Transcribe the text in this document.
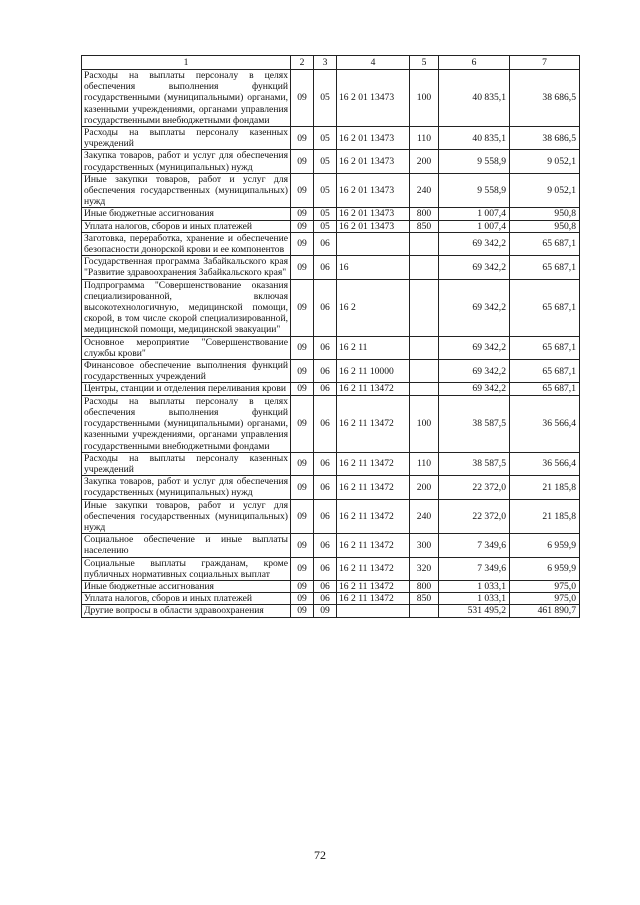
1	2	3	4	5	6	7
Расходы на выплаты персоналу в целях обеспечения выполнения функций государственными (муниципальными) органами, казенными учреждениями, органами управления государственными внебюджетными фондами	09	05	16 2 01 13473	100	40 835,1	38 686,5
Расходы на выплаты персоналу казенных учреждений	09	05	16 2 01 13473	110	40 835,1	38 686,5
Закупка товаров, работ и услуг для обеспечения государственных (муниципальных) нужд	09	05	16 2 01 13473	200	9 558,9	9 052,1
Иные закупки товаров, работ и услуг для обеспечения государственных (муниципальных) нужд	09	05	16 2 01 13473	240	9 558,9	9 052,1
Иные бюджетные ассигнования	09	05	16 2 01 13473	800	1 007,4	950,8
Уплата налогов, сборов и иных платежей	09	05	16 2 01 13473	850	1 007,4	950,8
Заготовка, переработка, хранение и обеспечение безопасности донорской крови и ее компонентов	09	06			69 342,2	65 687,1
Государственная программа Забайкальского края "Развитие здравоохранения Забайкальского края"	09	06	16		69 342,2	65 687,1
Подпрограмма "Совершенствование оказания специализированной, включая высокотехнологичную, медицинской помощи, скорой, в том числе скорой специализированной, медицинской помощи, медицинской эвакуации"	09	06	16 2		69 342,2	65 687,1
Основное мероприятие "Совершенствование службы крови"	09	06	16 2 11		69 342,2	65 687,1
Финансовое обеспечение выполнения функций государственных учреждений	09	06	16 2 11 10000		69 342,2	65 687,1
Центры, станции и отделения переливания крови	09	06	16 2 11 13472		69 342,2	65 687,1
Расходы на выплаты персоналу в целях обеспечения выполнения функций государственными (муниципальными) органами, казенными учреждениями, органами управления государственными внебюджетными фондами	09	06	16 2 11 13472	100	38 587,5	36 566,4
Расходы на выплаты персоналу казенных учреждений	09	06	16 2 11 13472	110	38 587,5	36 566,4
Закупка товаров, работ и услуг для обеспечения государственных (муниципальных) нужд	09	06	16 2 11 13472	200	22 372,0	21 185,8
Иные закупки товаров, работ и услуг для обеспечения государственных (муниципальных) нужд	09	06	16 2 11 13472	240	22 372,0	21 185,8
Социальное обеспечение и иные выплаты населению	09	06	16 2 11 13472	300	7 349,6	6 959,9
Социальные выплаты гражданам, кроме публичных нормативных социальных выплат	09	06	16 2 11 13472	320	7 349,6	6 959,9
Иные бюджетные ассигнования	09	06	16 2 11 13472	800	1 033,1	975,0
Уплата налогов, сборов и иных платежей	09	06	16 2 11 13472	850	1 033,1	975,0
Другие вопросы в области здравоохранения	09	09			531 495,2	461 890,7
72
